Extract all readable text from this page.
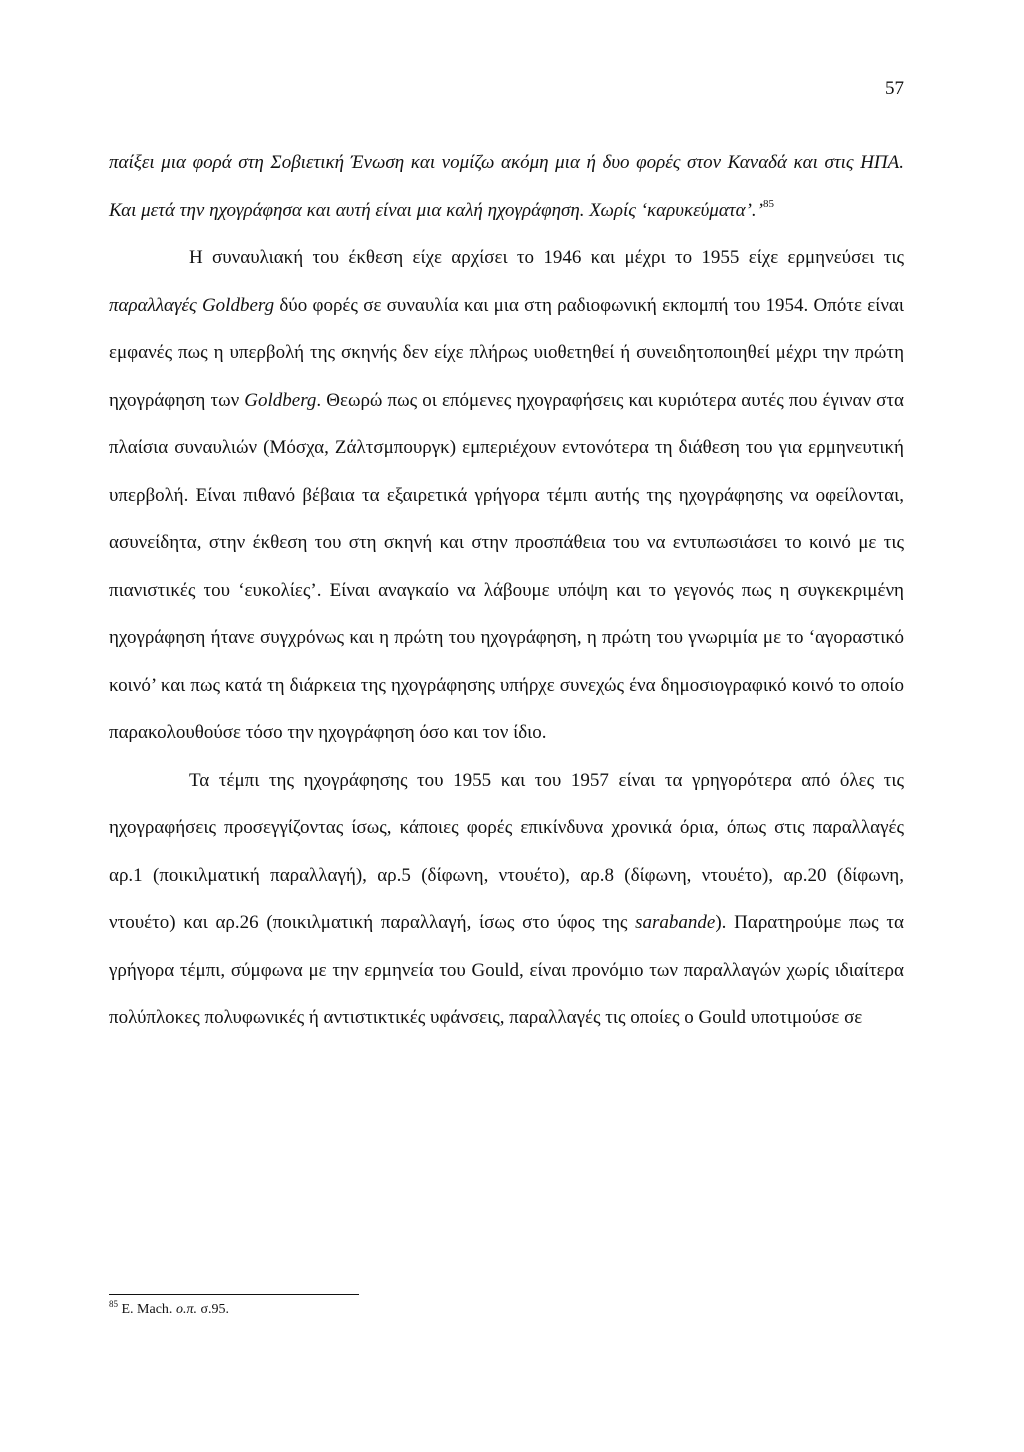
57

παίξει μια φορά στη Σοβιετική Ένωση και νομίζω ακόμη μια ή δυο φορές στον Καναδά και στις ΗΠΑ. Και μετά την ηχογράφησα και αυτή είναι μια καλή ηχογράφηση. Χωρίς ‘καρυκεύματα’.’$^{85}$

Η συναυλιακή του έκθεση είχε αρχίσει το 1946 και μέχρι το 1955 είχε ερμηνεύσει τις παραλλαγές Goldberg δύο φορές σε συναυλία και μια στη ραδιοφωνική εκπομπή του 1954. Οπότε είναι εμφανές πως η υπερβολή της σκηνής δεν είχε πλήρως υιοθετηθεί ή συνειδητοποιηθεί μέχρι την πρώτη ηχογράφηση των Goldberg. Θεωρώ πως οι επόμενες ηχογραφήσεις και κυριότερα αυτές που έγιναν στα πλαίσια συναυλιών (Μόσχα, Ζάλτσμπουργκ) εμπεριέχουν εντονότερα τη διάθεση του για ερμηνευτική υπερβολή. Είναι πιθανό βέβαια τα εξαιρετικά γρήγορα τέμπι αυτής της ηχογράφησης να οφείλονται, ασυνείδητα, στην έκθεση του στη σκηνή και στην προσπάθεια του να εντυπωσιάσει το κοινό με τις πιανιστικές του ‘ευκολίες’. Είναι αναγκαίο να λάβουμε υπόψη και το γεγονός πως η συγκεκριμένη ηχογράφηση ήτανε συγχρόνως και η πρώτη του ηχογράφηση, η πρώτη του γνωριμία με το ‘αγοραστικό κοινό’ και πως κατά τη διάρκεια της ηχογράφησης υπήρχε συνεχώς ένα δημοσιογραφικό κοινό το οποίο παρακολουθούσε τόσο την ηχογράφηση όσο και τον ίδιο.

Τα τέμπι της ηχογράφησης του 1955 και του 1957 είναι τα γρηγορότερα από όλες τις ηχογραφήσεις προσεγγίζοντας ίσως, κάποιες φορές επικίνδυνα χρονικά όρια, όπως στις παραλλαγές αρ.1 (ποικιλματική παραλλαγή), αρ.5 (δίφωνη, ντουέτο), αρ.8 (δίφωνη, ντουέτο), αρ.20 (δίφωνη, ντουέτο) και αρ.26 (ποικιλματική παραλλαγή, ίσως στο ύφος της sarabande). Παρατηρούμε πως τα γρήγορα τέμπι, σύμφωνα με την ερμηνεία του Gould, είναι προνόμιο των παραλλαγών χωρίς ιδιαίτερα πολύπλοκες πολυφωνικές ή αντιστικτικές υφάνσεις, παραλλαγές τις οποίες ο Gould υποτιμούσε σε

$^{85}$ E. Mach. ο.π. σ.95.
